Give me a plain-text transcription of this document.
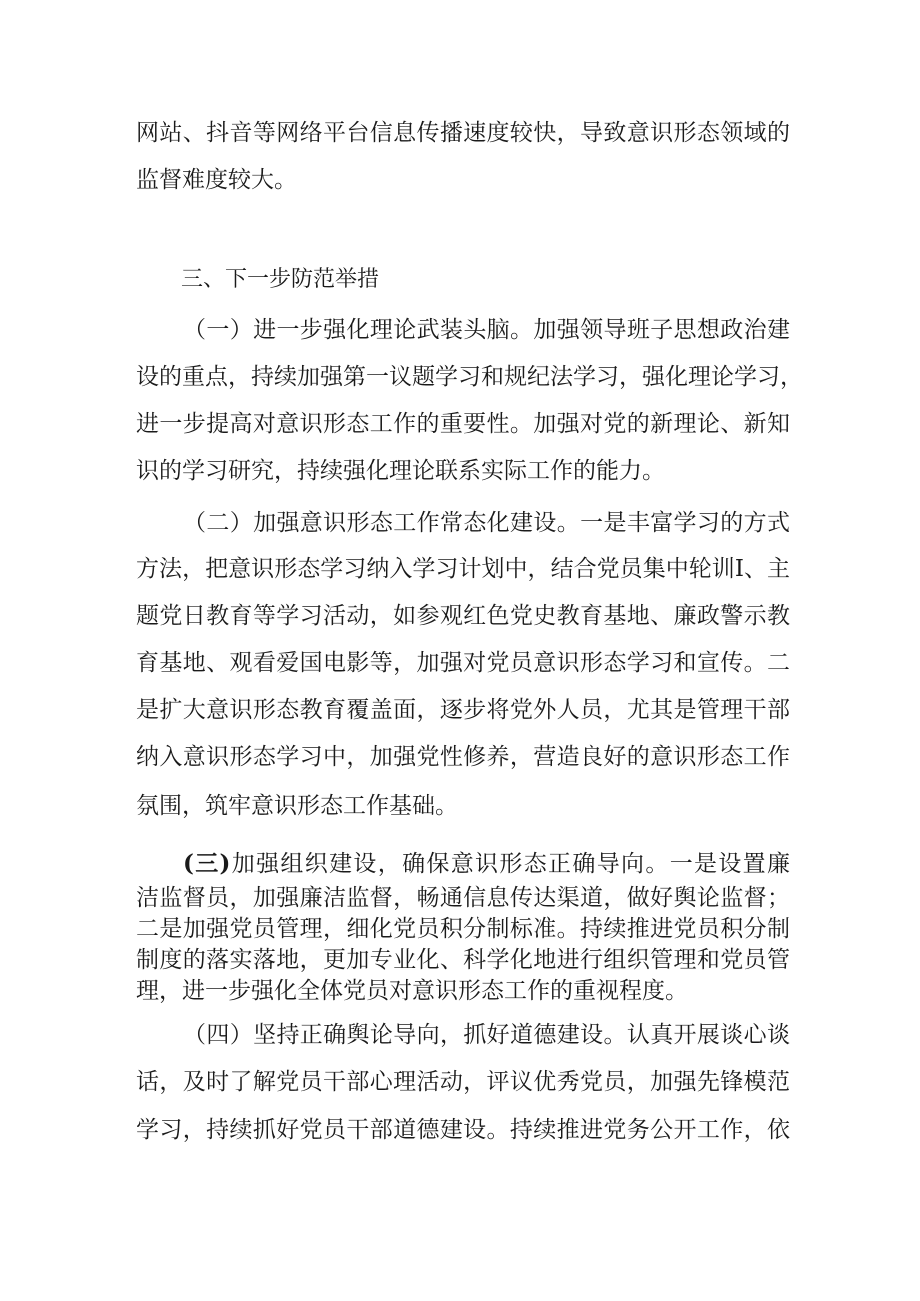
网站、抖音等网络平台信息传播速度较快，导致意识形态领域的
监督难度较大。
三、下一步防范举措
（一）进一步强化理论武装头脑。加强领导班子思想政治建
设的重点，持续加强第一议题学习和规纪法学习，强化理论学习，
进一步提高对意识形态工作的重要性。加强对党的新理论、新知
识的学习研究，持续强化理论联系实际工作的能力。
（二）加强意识形态工作常态化建设。一是丰富学习的方式
方法，把意识形态学习纳入学习计划中，结合党员集中轮训I、主
题党日教育等学习活动，如参观红色党史教育基地、廉政警示教
育基地、观看爱国电影等，加强对党员意识形态学习和宣传。二
是扩大意识形态教育覆盖面，逐步将党外人员，尤其是管理干部
纳入意识形态学习中，加强党性修养，营造良好的意识形态工作
氛围，筑牢意识形态工作基础。
(三)加强组织建设，确保意识形态正确导向。一是设置廉
洁监督员，加强廉洁监督，畅通信息传达渠道，做好舆论监督；
二是加强党员管理，细化党员积分制标准。持续推进党员积分制
制度的落实落地，更加专业化、科学化地进行组织管理和党员管
理，进一步强化全体党员对意识形态工作的重视程度。
（四）坚持正确舆论导向，抓好道德建设。认真开展谈心谈
话，及时了解党员干部心理活动，评议优秀党员，加强先锋模范
学习，持续抓好党员干部道德建设。持续推进党务公开工作，依
